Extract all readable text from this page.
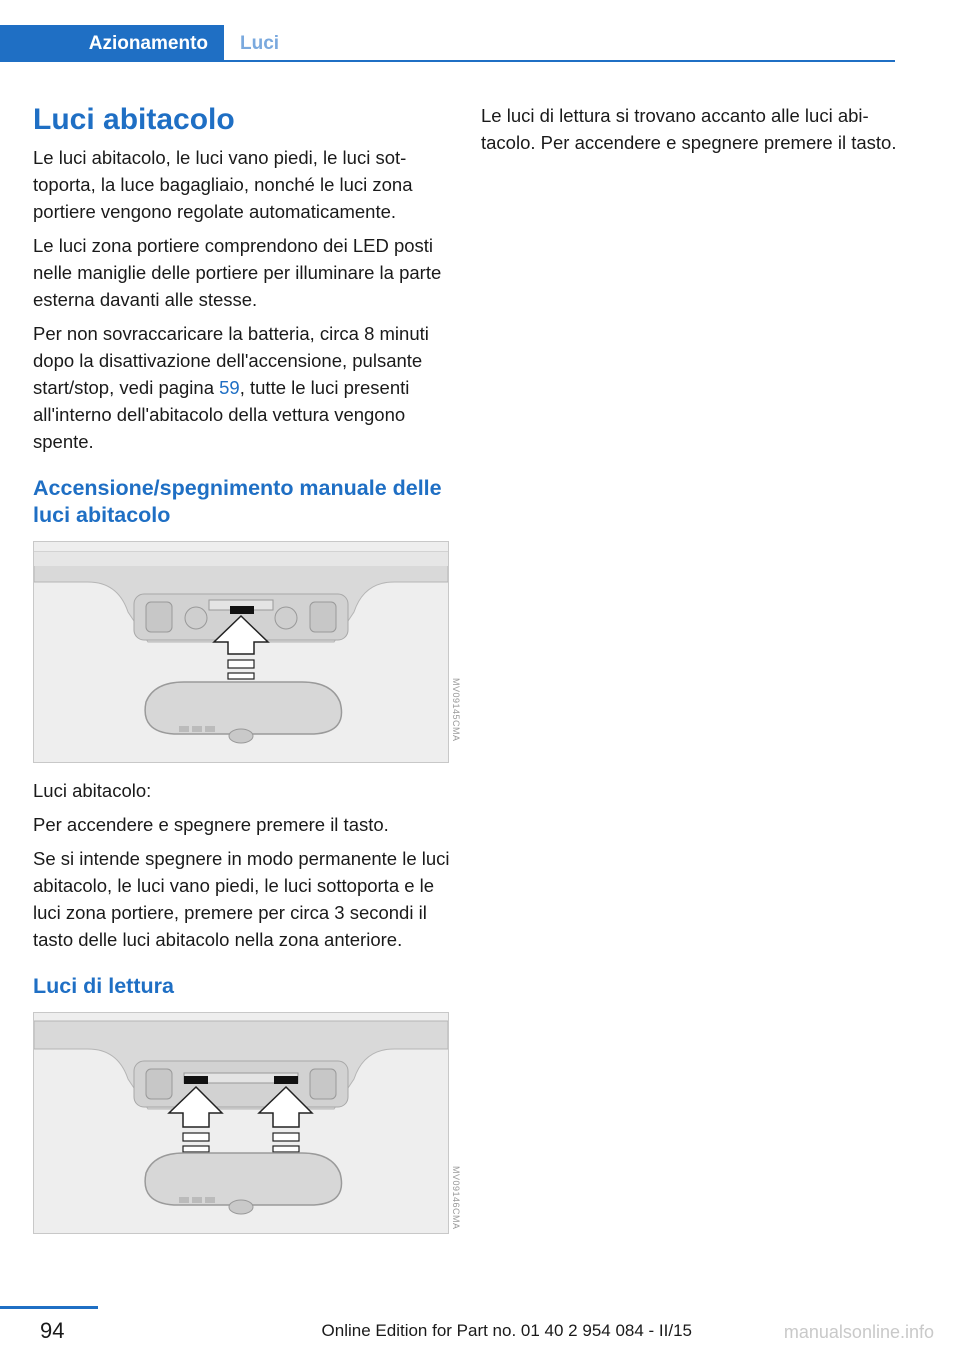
Azionamento Luci
Luci abitacolo

Le luci abitacolo, le luci vano piedi, le luci sottoporta, la luce bagagliaio, nonché le luci zona portiere vengono regolate automaticamente.

Le luci zona portiere comprendono dei LED posti nelle maniglie delle portiere per illuminare la parte esterna davanti alle stesse.

Per non sovraccaricare la batteria, circa 8 minuti dopo la disattivazione dell'accensione, pulsante start/stop, vedi pagina 59, tutte le luci presenti all'interno dell'abitacolo della vettura vengono spente.

Accensione/spegnimento manuale delle luci abitacolo

Luci abitacolo:

Per accendere e spegnere premere il tasto.

Se si intende spegnere in modo permanente le luci abitacolo, le luci vano piedi, le luci sottoporta e le luci zona portiere, premere per circa 3 secondi il tasto delle luci abitacolo nella zona anteriore.

Luci di lettura
MV09145CMA
MV09146CMA

Le luci di lettura si trovano accanto alle luci abitacolo. Per accendere e spegnere premere il tasto.

94	Online Edition for Part no. 01 40 2 954 084 - II/15	manualsonline.info
